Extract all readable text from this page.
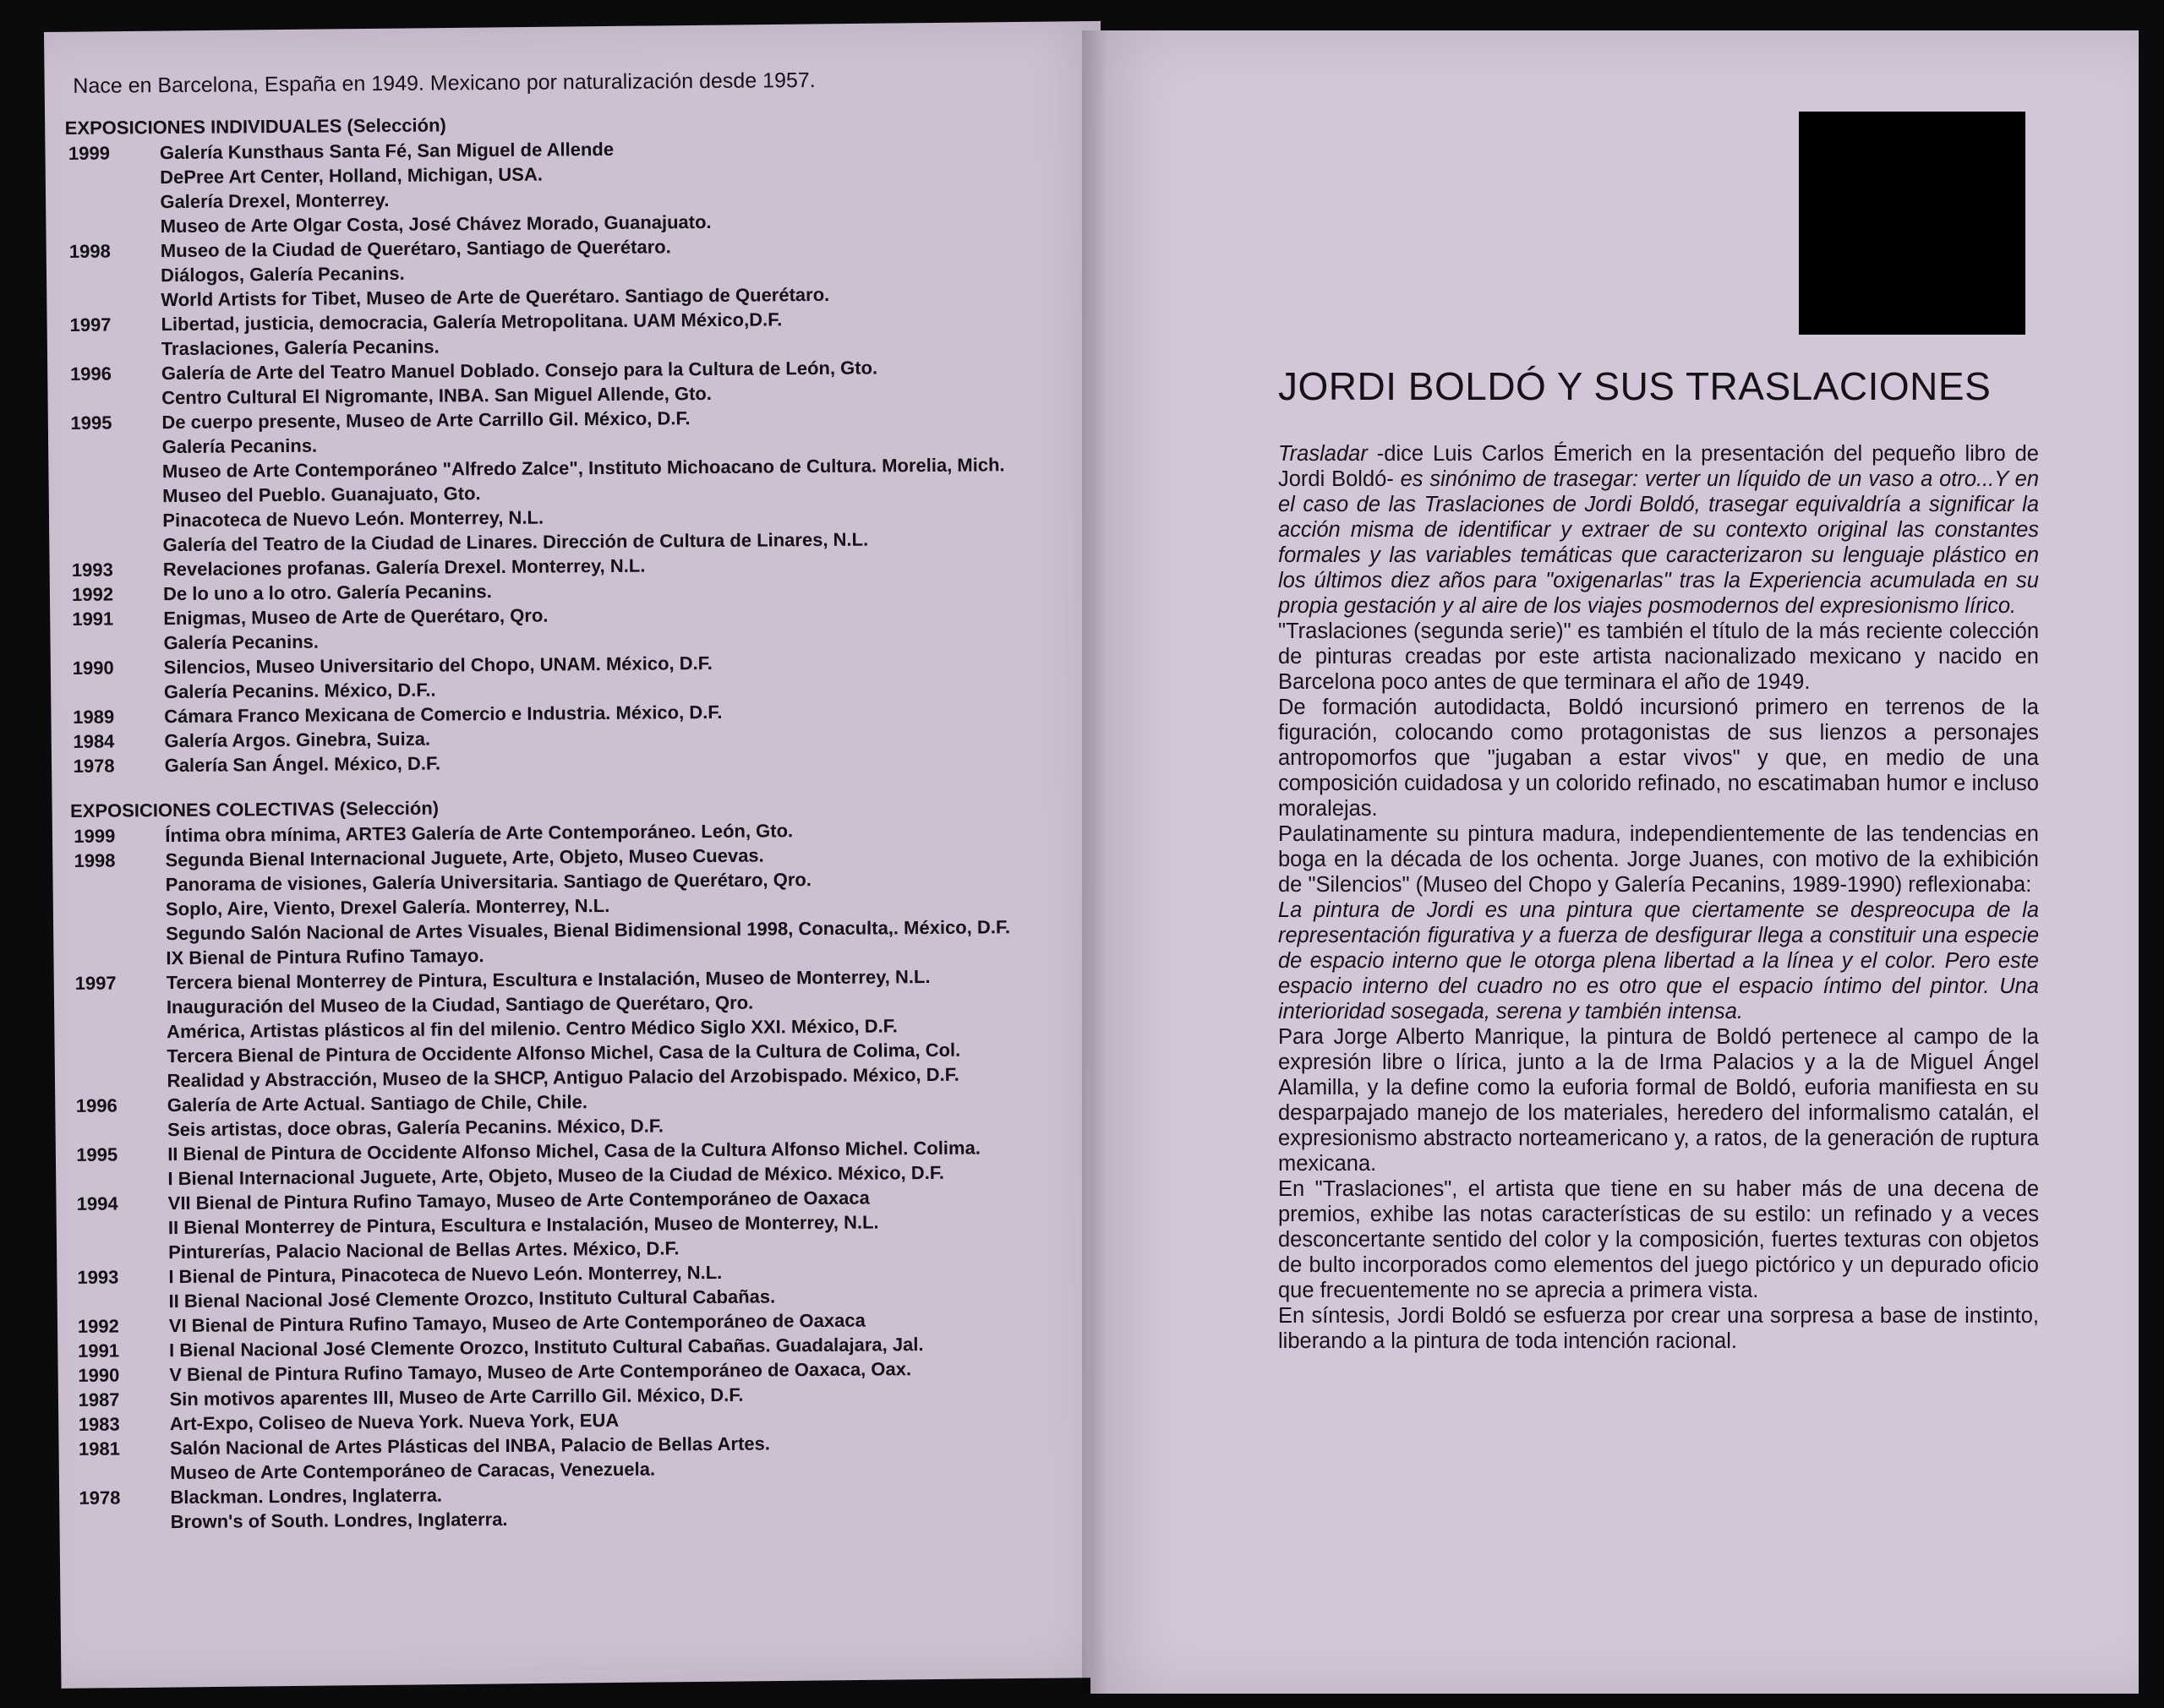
Nace en Barcelona, España en 1949. Mexicano por naturalización desde 1957.
EXPOSICIONES INDIVIDUALES (Selección)
1999	Galería Kunsthaus Santa Fé, San Miguel de Allende
DePree Art Center, Holland, Michigan, USA.
Galería Drexel, Monterrey.
Museo de Arte Olgar Costa, José Chávez Morado, Guanajuato.
1998	Museo de la Ciudad de Querétaro, Santiago de Querétaro.
Diálogos, Galería Pecanins.
World Artists for Tibet, Museo de Arte de Querétaro. Santiago de Querétaro.
1997	Libertad, justicia, democracia, Galería Metropolitana. UAM México,D.F.
Traslaciones, Galería Pecanins.
1996	Galería de Arte del Teatro Manuel Doblado. Consejo para la Cultura de León, Gto.
Centro Cultural El Nigromante, INBA. San Miguel Allende, Gto.
1995	De cuerpo presente, Museo de Arte Carrillo Gil. México, D.F.
Galería Pecanins.
Museo de Arte Contemporáneo "Alfredo Zalce", Instituto Michoacano de Cultura. Morelia, Mich.
Museo del Pueblo. Guanajuato, Gto.
Pinacoteca de Nuevo León. Monterrey, N.L.
Galería del Teatro de la Ciudad de Linares. Dirección de Cultura de Linares, N.L.
1993	Revelaciones profanas. Galería Drexel. Monterrey, N.L.
1992	De lo uno a lo otro. Galería Pecanins.
1991	Enigmas, Museo de Arte de Querétaro, Qro.
Galería Pecanins.
1990	Silencios, Museo Universitario del Chopo, UNAM. México, D.F.
Galería Pecanins. México, D.F..
1989	Cámara Franco Mexicana de Comercio e Industria. México, D.F.
1984	Galería Argos. Ginebra, Suiza.
1978	Galería San Ángel. México, D.F.
EXPOSICIONES COLECTIVAS (Selección)
1999	Íntima obra mínima, ARTE3 Galería de Arte Contemporáneo. León, Gto.
1998	Segunda Bienal Internacional Juguete, Arte, Objeto, Museo Cuevas.
Panorama de visiones, Galería Universitaria. Santiago de Querétaro, Qro.
Soplo, Aire, Viento, Drexel Galería. Monterrey, N.L.
Segundo Salón Nacional de Artes Visuales, Bienal Bidimensional 1998, Conaculta,. México, D.F.
IX Bienal de Pintura Rufino Tamayo.
1997	Tercera bienal Monterrey de Pintura, Escultura e Instalación, Museo de Monterrey, N.L.
Inauguración del Museo de la Ciudad, Santiago de Querétaro, Qro.
América, Artistas plásticos al fin del milenio. Centro Médico Siglo XXI. México, D.F.
Tercera Bienal de Pintura de Occidente Alfonso Michel, Casa de la Cultura de Colima, Col.
Realidad y Abstracción, Museo de la SHCP, Antiguo Palacio del Arzobispado. México, D.F.
1996	Galería de Arte Actual. Santiago de Chile, Chile.
Seis artistas, doce obras, Galería Pecanins. México, D.F.
1995	II Bienal de Pintura de Occidente Alfonso Michel, Casa de la Cultura Alfonso Michel. Colima.
I Bienal Internacional Juguete, Arte, Objeto, Museo de la Ciudad de México. México, D.F.
1994	VII Bienal de Pintura Rufino Tamayo, Museo de Arte Contemporáneo de Oaxaca
II Bienal Monterrey de Pintura, Escultura e Instalación, Museo de Monterrey, N.L.
Pinturerías, Palacio Nacional de Bellas Artes. México, D.F.
1993	I Bienal de Pintura, Pinacoteca de Nuevo León. Monterrey, N.L.
II Bienal Nacional José Clemente Orozco, Instituto Cultural Cabañas.
1992	VI Bienal de Pintura Rufino Tamayo, Museo de Arte Contemporáneo de Oaxaca
1991	I Bienal Nacional José Clemente Orozco, Instituto Cultural Cabañas. Guadalajara, Jal.
1990	V Bienal de Pintura Rufino Tamayo, Museo de Arte Contemporáneo de Oaxaca, Oax.
1987	Sin motivos aparentes III, Museo de Arte Carrillo Gil. México, D.F.
1983	Art-Expo, Coliseo de Nueva York. Nueva York, EUA
1981	Salón Nacional de Artes Plásticas del INBA, Palacio de Bellas Artes.
Museo de Arte Contemporáneo de Caracas, Venezuela.
1978	Blackman. Londres, Inglaterra.
Brown's of South. Londres, Inglaterra.
JORDI BOLDÓ Y SUS TRASLACIONES

Trasladar -dice Luis Carlos Émerich en la presentación del pequeño libro de Jordi Boldó- es sinónimo de trasegar: verter un líquido de un vaso a otro...Y en el caso de las Traslaciones de Jordi Boldó, trasegar equivaldría a significar la acción misma de identificar y extraer de su contexto original las constantes formales y las variables temáticas que caracterizaron su lenguaje plástico en los últimos diez años para "oxigenarlas" tras la Experiencia acumulada en su propia gestación y al aire de los viajes posmodernos del expresionismo lírico.

"Traslaciones (segunda serie)" es también el título de la más reciente colección de pinturas creadas por este artista nacionalizado mexicano y nacido en Barcelona poco antes de que terminara el año de 1949.

De formación autodidacta, Boldó incursionó primero en terrenos de la figuración, colocando como protagonistas de sus lienzos a personajes antropomorfos que "jugaban a estar vivos" y que, en medio de una composición cuidadosa y un colorido refinado, no escatimaban humor e incluso moralejas.

Paulatinamente su pintura madura, independientemente de las tendencias en boga en la década de los ochenta. Jorge Juanes, con motivo de la exhibición de "Silencios" (Museo del Chopo y Galería Pecanins, 1989-1990) reflexionaba:

La pintura de Jordi es una pintura que ciertamente se despreocupa de la representación figurativa y a fuerza de desfigurar llega a constituir una especie de espacio interno que le otorga plena libertad a la línea y el color. Pero este espacio interno del cuadro no es otro que el espacio íntimo del pintor. Una interioridad sosegada, serena y también intensa.

Para Jorge Alberto Manrique, la pintura de Boldó pertenece al campo de la expresión libre o lírica, junto a la de Irma Palacios y a la de Miguel Ángel Alamilla, y la define como la euforia formal de Boldó, euforia manifiesta en su desparpajado manejo de los materiales, heredero del informalismo catalán, el expresionismo abstracto norteamericano y, a ratos, de la generación de ruptura mexicana.

En "Traslaciones", el artista que tiene en su haber más de una decena de premios, exhibe las notas características de su estilo: un refinado y a veces desconcertante sentido del color y la composición, fuertes texturas con objetos de bulto incorporados como elementos del juego pictórico y un depurado oficio que frecuentemente no se aprecia a primera vista.

En síntesis, Jordi Boldó se esfuerza por crear una sorpresa a base de instinto, liberando a la pintura de toda intención racional.
